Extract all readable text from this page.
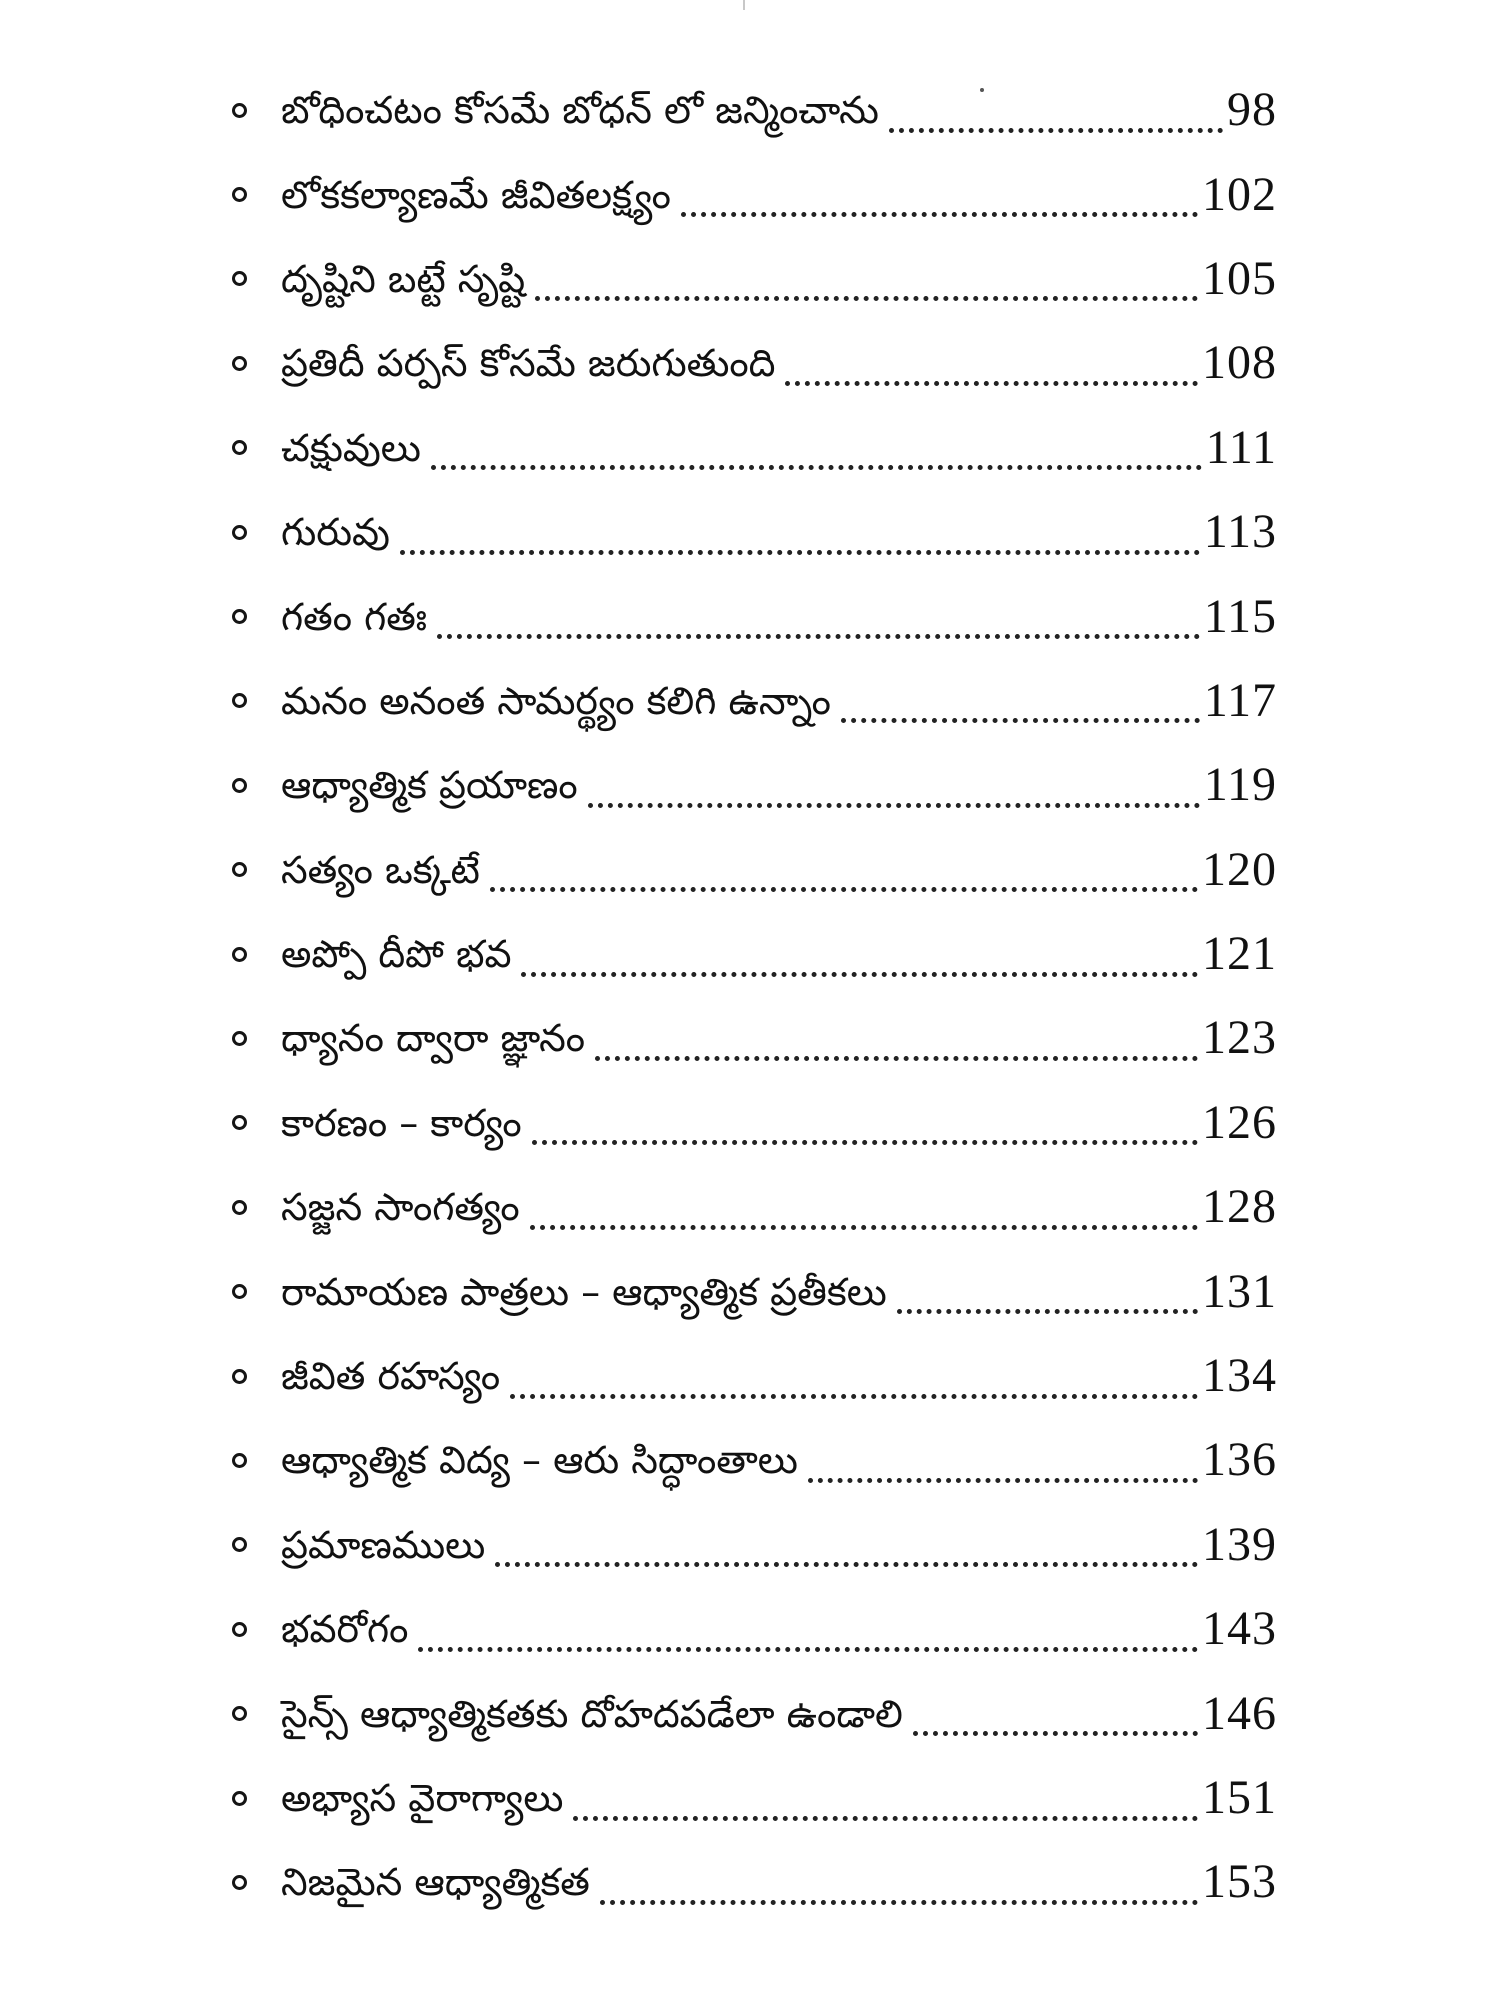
బోధించటం కోసమే బోధన్ లో జన్మించాను	98
లోకకల్యాణమే జీవితలక్ష్యం	102
దృష్టిని బట్టే సృష్టి	105
ప్రతిదీ పర్పస్ కోసమే జరుగుతుంది	108
చక్షువులు	111
గురువు	113
గతం గతః	115
మనం అనంత సామర్థ్యం కలిగి ఉన్నాం	117
ఆధ్యాత్మిక ప్రయాణం	119
సత్యం ఒక్కటే	120
అప్పో దీపో భవ	121
ధ్యానం ద్వారా జ్ఞానం	123
కారణం – కార్యం	126
సజ్జన సాంగత్యం	128
రామాయణ పాత్రలు – ఆధ్యాత్మిక ప్రతీకలు	131
జీవిత రహస్యం	134
ఆధ్యాత్మిక విద్య – ఆరు సిద్ధాంతాలు	136
ప్రమాణములు	139
భవరోగం	143
సైన్స్ ఆధ్యాత్మికతకు దోహదపడేలా ఉండాలి	146
అభ్యాస వైరాగ్యాలు	151
నిజమైన ఆధ్యాత్మికత	153
